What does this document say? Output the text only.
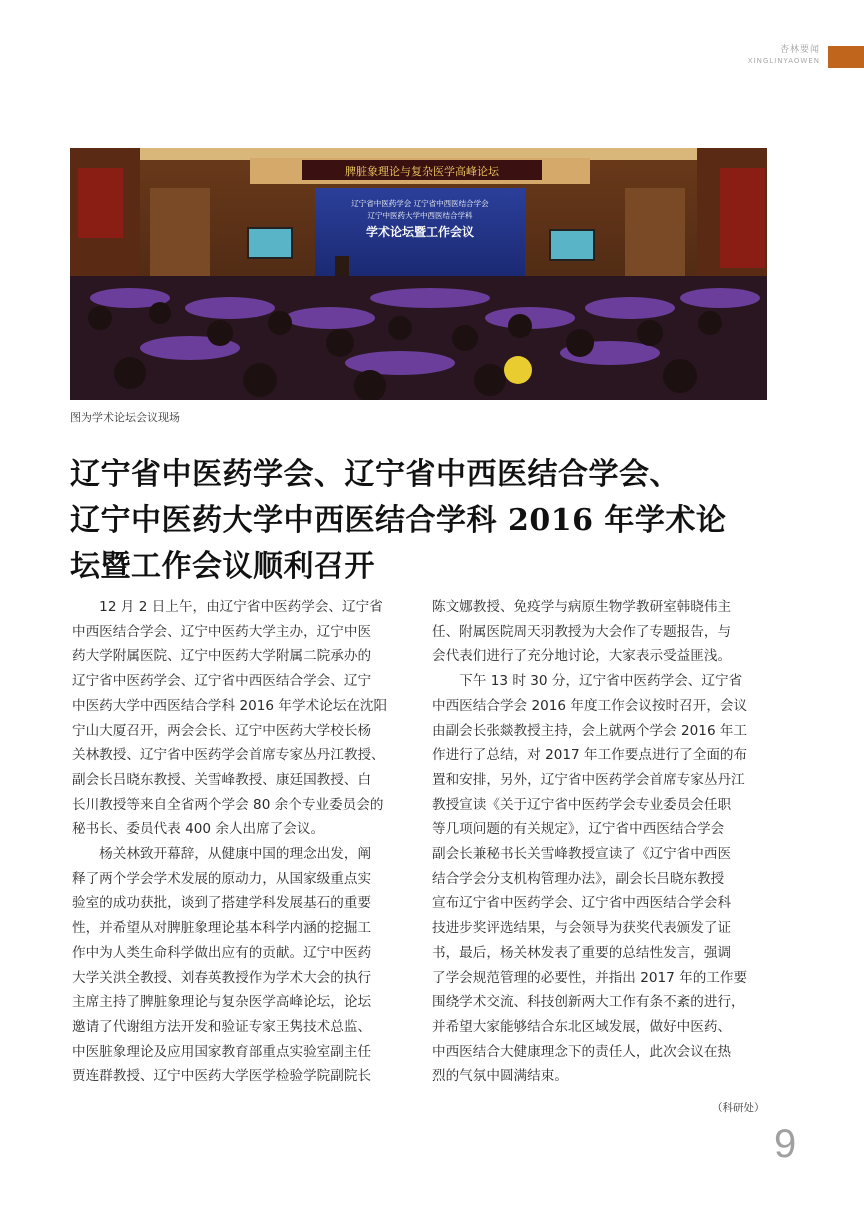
杏林要闻
XINGLINYAOWEN
脾脏象理论与复杂医学高峰论坛
辽宁省中医药学会 辽宁省中西医结合学会
辽宁中医药大学中西医结合学科
学术论坛暨工作会议
图为学术论坛会议现场
辽宁省中医药学会、辽宁省中西医结合学会、
辽宁中医药大学中西医结合学科 2016 年学术论
坛暨工作会议顺利召开

　　12 月 2 日上午，由辽宁省中医药学会、辽宁省
中西医结合学会、辽宁中医药大学主办，辽宁中医
药大学附属医院、辽宁中医药大学附属二院承办的
辽宁省中医药学会、辽宁省中西医结合学会、辽宁
中医药大学中西医结合学科 2016 年学术论坛在沈阳
宁山大厦召开，两会会长、辽宁中医药大学校长杨
关林教授、辽宁省中医药学会首席专家丛丹江教授、
副会长吕晓东教授、关雪峰教授、康廷国教授、白
长川教授等来自全省两个学会 80 余个专业委员会的
秘书长、委员代表 400 余人出席了会议。

　　杨关林致开幕辞，从健康中国的理念出发，阐
释了两个学会学术发展的原动力，从国家级重点实
验室的成功获批，谈到了搭建学科发展基石的重要
性，并希望从对脾脏象理论基本科学内涵的挖掘工
作中为人类生命科学做出应有的贡献。辽宁中医药
大学关洪全教授、刘春英教授作为学术大会的执行
主席主持了脾脏象理论与复杂医学高峰论坛，论坛
邀请了代谢组方法开发和验证专家王隽技术总监、
中医脏象理论及应用国家教育部重点实验室副主任
贾连群教授、辽宁中医药大学医学检验学院副院长

陈文娜教授、免疫学与病原生物学教研室韩晓伟主
任、附属医院周天羽教授为大会作了专题报告，与
会代表们进行了充分地讨论，大家表示受益匪浅。

　　下午 13 时 30 分，辽宁省中医药学会、辽宁省
中西医结合学会 2016 年度工作会议按时召开，会议
由副会长张燚教授主持，会上就两个学会 2016 年工
作进行了总结，对 2017 年工作要点进行了全面的布
置和安排，另外，辽宁省中医药学会首席专家丛丹江
教授宣读《关于辽宁省中医药学会专业委员会任职
等几项问题的有关规定》，辽宁省中西医结合学会
副会长兼秘书长关雪峰教授宣读了《辽宁省中西医
结合学会分支机构管理办法》，副会长吕晓东教授
宣布辽宁省中医药学会、辽宁省中西医结合学会科
技进步奖评选结果，与会领导为获奖代表颁发了证
书，最后，杨关林发表了重要的总结性发言，强调
了学会规范管理的必要性，并指出 2017 年的工作要
围绕学术交流、科技创新两大工作有条不紊的进行，
并希望大家能够结合东北区域发展，做好中医药、
中西医结合大健康理念下的责任人，此次会议在热
烈的气氛中圆满结束。

（科研处）
9
